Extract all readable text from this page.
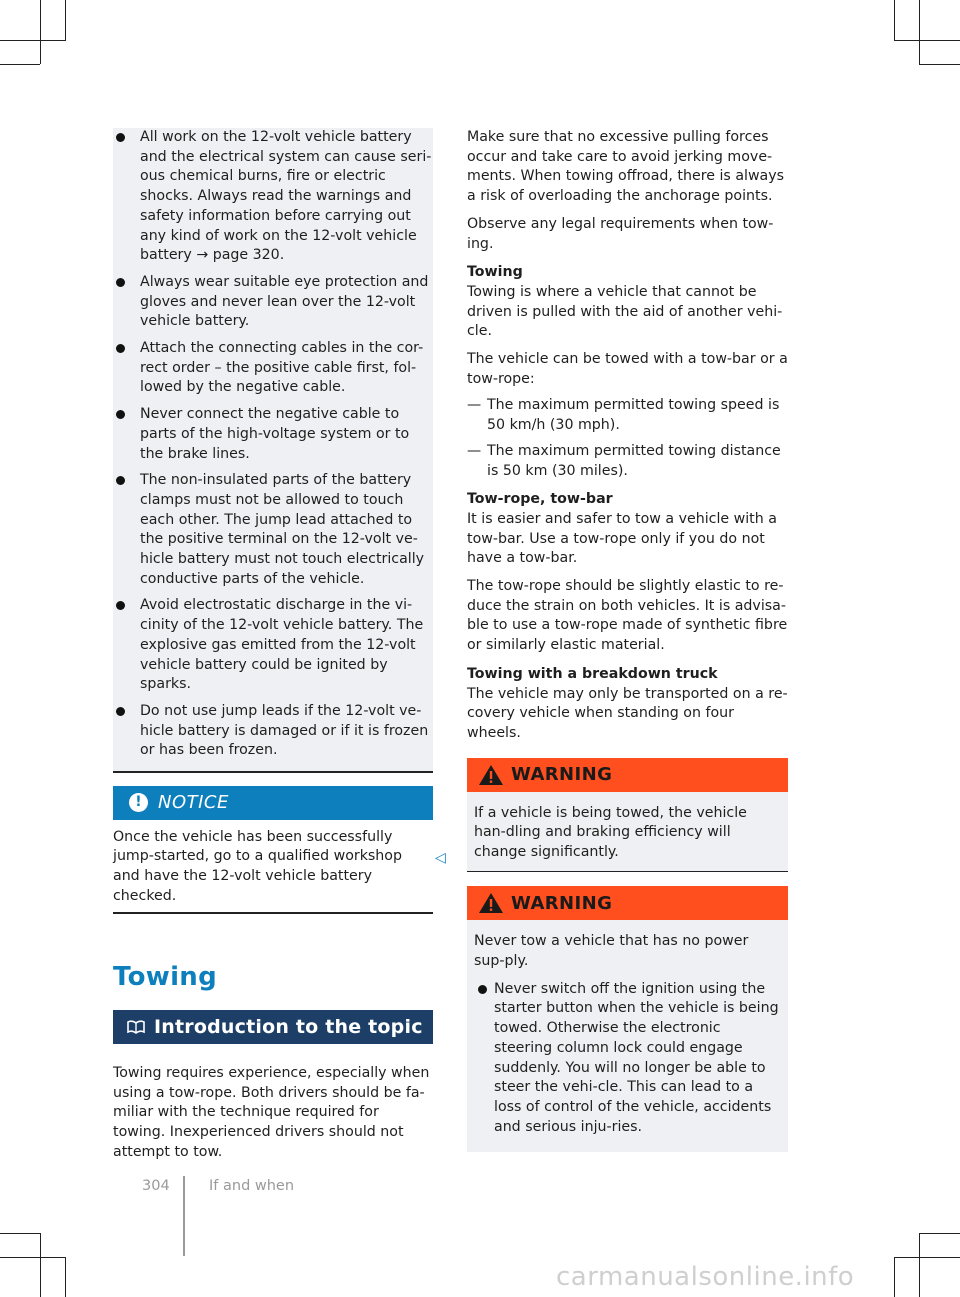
All work on the 12-volt vehicle battery and the electrical system can cause seri-ous chemical burns, fire or electric shocks. Always read the warnings and safety information before carrying out any kind of work on the 12-volt vehicle battery → page 320.
Always wear suitable eye protection and gloves and never lean over the 12-volt vehicle battery.
Attach the connecting cables in the cor-rect order – the positive cable first, fol-lowed by the negative cable.
Never connect the negative cable to parts of the high-voltage system or to the brake lines.
The non-insulated parts of the battery clamps must not be allowed to touch each other. The jump lead attached to the positive terminal on the 12-volt ve-hicle battery must not touch electrically conductive parts of the vehicle.
Avoid electrostatic discharge in the vi-cinity of the 12-volt vehicle battery. The explosive gas emitted from the 12-volt vehicle battery could be ignited by sparks.
Do not use jump leads if the 12-volt ve-hicle battery is damaged or if it is frozen or has been frozen.
! NOTICE

Once the vehicle has been successfully jump-started, go to a qualified workshop and have the 12-volt vehicle battery checked.

◁
Towing
Introduction to the topic

Towing requires experience, especially when using a tow-rope. Both drivers should be fa-miliar with the technique required for towing. Inexperienced drivers should not attempt to tow.

Make sure that no excessive pulling forces occur and take care to avoid jerking move-ments. When towing offroad, there is always a risk of overloading the anchorage points.

Observe any legal requirements when tow-ing.

Towing

Towing is where a vehicle that cannot be driven is pulled with the aid of another vehi-cle.

The vehicle can be towed with a tow-bar or a tow-rope:

— The maximum permitted towing speed is 50 km/h (30 mph).
— The maximum permitted towing distance is 50 km (30 miles).

Tow-rope, tow-bar

It is easier and safer to tow a vehicle with a tow-bar. Use a tow-rope only if you do not have a tow-bar.

The tow-rope should be slightly elastic to re-duce the strain on both vehicles. It is advisa-ble to use a tow-rope made of synthetic fibre or similarly elastic material.

Towing with a breakdown truck

The vehicle may only be transported on a re-covery vehicle when standing on four wheels.

WARNING

If a vehicle is being towed, the vehicle han-dling and braking efficiency will change significantly.

WARNING

Never tow a vehicle that has no power sup-ply.

Never switch off the ignition using the starter button when the vehicle is being towed. Otherwise the electronic steering column lock could engage suddenly. You will no longer be able to steer the vehi-cle. This can lead to a loss of control of the vehicle, accidents and serious inju-ries.
304	If and when
carmanualsonline.info
